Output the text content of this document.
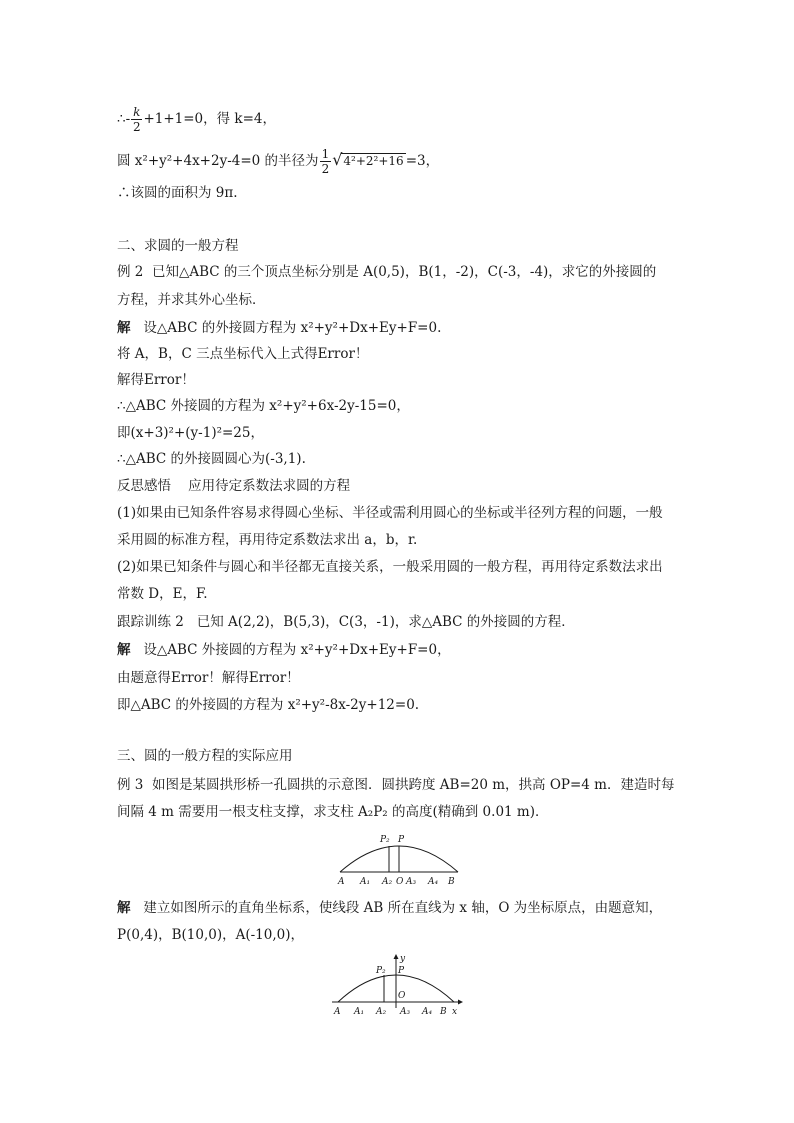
∴- $\frac{k}{2} +1+1=0$，得 k=4，
圆 x²+y²+4x+2y-4=0 的半径为 $\frac{1}{2} √4^2+2^2+16 =3$，
∴该圆的面积为 9π.
二、求圆的一般方程
例 2 已知△ABC 的三个顶点坐标分别是 A(0,5)，B(1，-2)，C(-3，-4)，求它的外接圆的
方程，并求其外心坐标．
解 设△ABC 的外接圆方程为 x²+y²+Dx+Ey+F=0.
将 A，B，C 三点坐标代入上式得Error！
解得Error！
∴△ABC 外接圆的方程为 x²+y²+6x-2y-15=0，
即(x+3)²+(y-1)²=25，
∴△ABC 的外接圆圆心为(-3,1).
反思感悟 应用待定系数法求圆的方程
(1)如果由已知条件容易求得圆心坐标、半径或需利用圆心的坐标或半径列方程的问题，一般
采用圆的标准方程，再用待定系数法求出 a，b，r.
(2)如果已知条件与圆心和半径都无直接关系，一般采用圆的一般方程，再用待定系数法求出
常数 D，E，F.
跟踪训练 2 已知 A(2,2)，B(5,3)，C(3，-1)，求△ABC 的外接圆的方程．
解 设△ABC 外接圆的方程为 x²+y²+Dx+Ey+F=0，
由题意得Error！解得Error！
即△ABC 的外接圆的方程为 x²+y²-8x-2y+12=0.
三、圆的一般方程的实际应用
例 3 如图是某圆拱形桥一孔圆拱的示意图．圆拱跨度 AB=20 m，拱高 OP=4 m．建造时每
间隔 4 m 需要用一根支柱支撑，求支柱 A₂P₂ 的高度(精确到 0.01 m)．
P₂ P
A A₁ A₂ O A₃ A₄ B
解 建立如图所示的直角坐标系，使线段 AB 所在直线为 x 轴，O 为坐标原点，由题意知，
P(0,4)，B(10,0)，A(-10,0)，
y
P₂ P
O
A A₁ A₂ A₃ A₄ B x
